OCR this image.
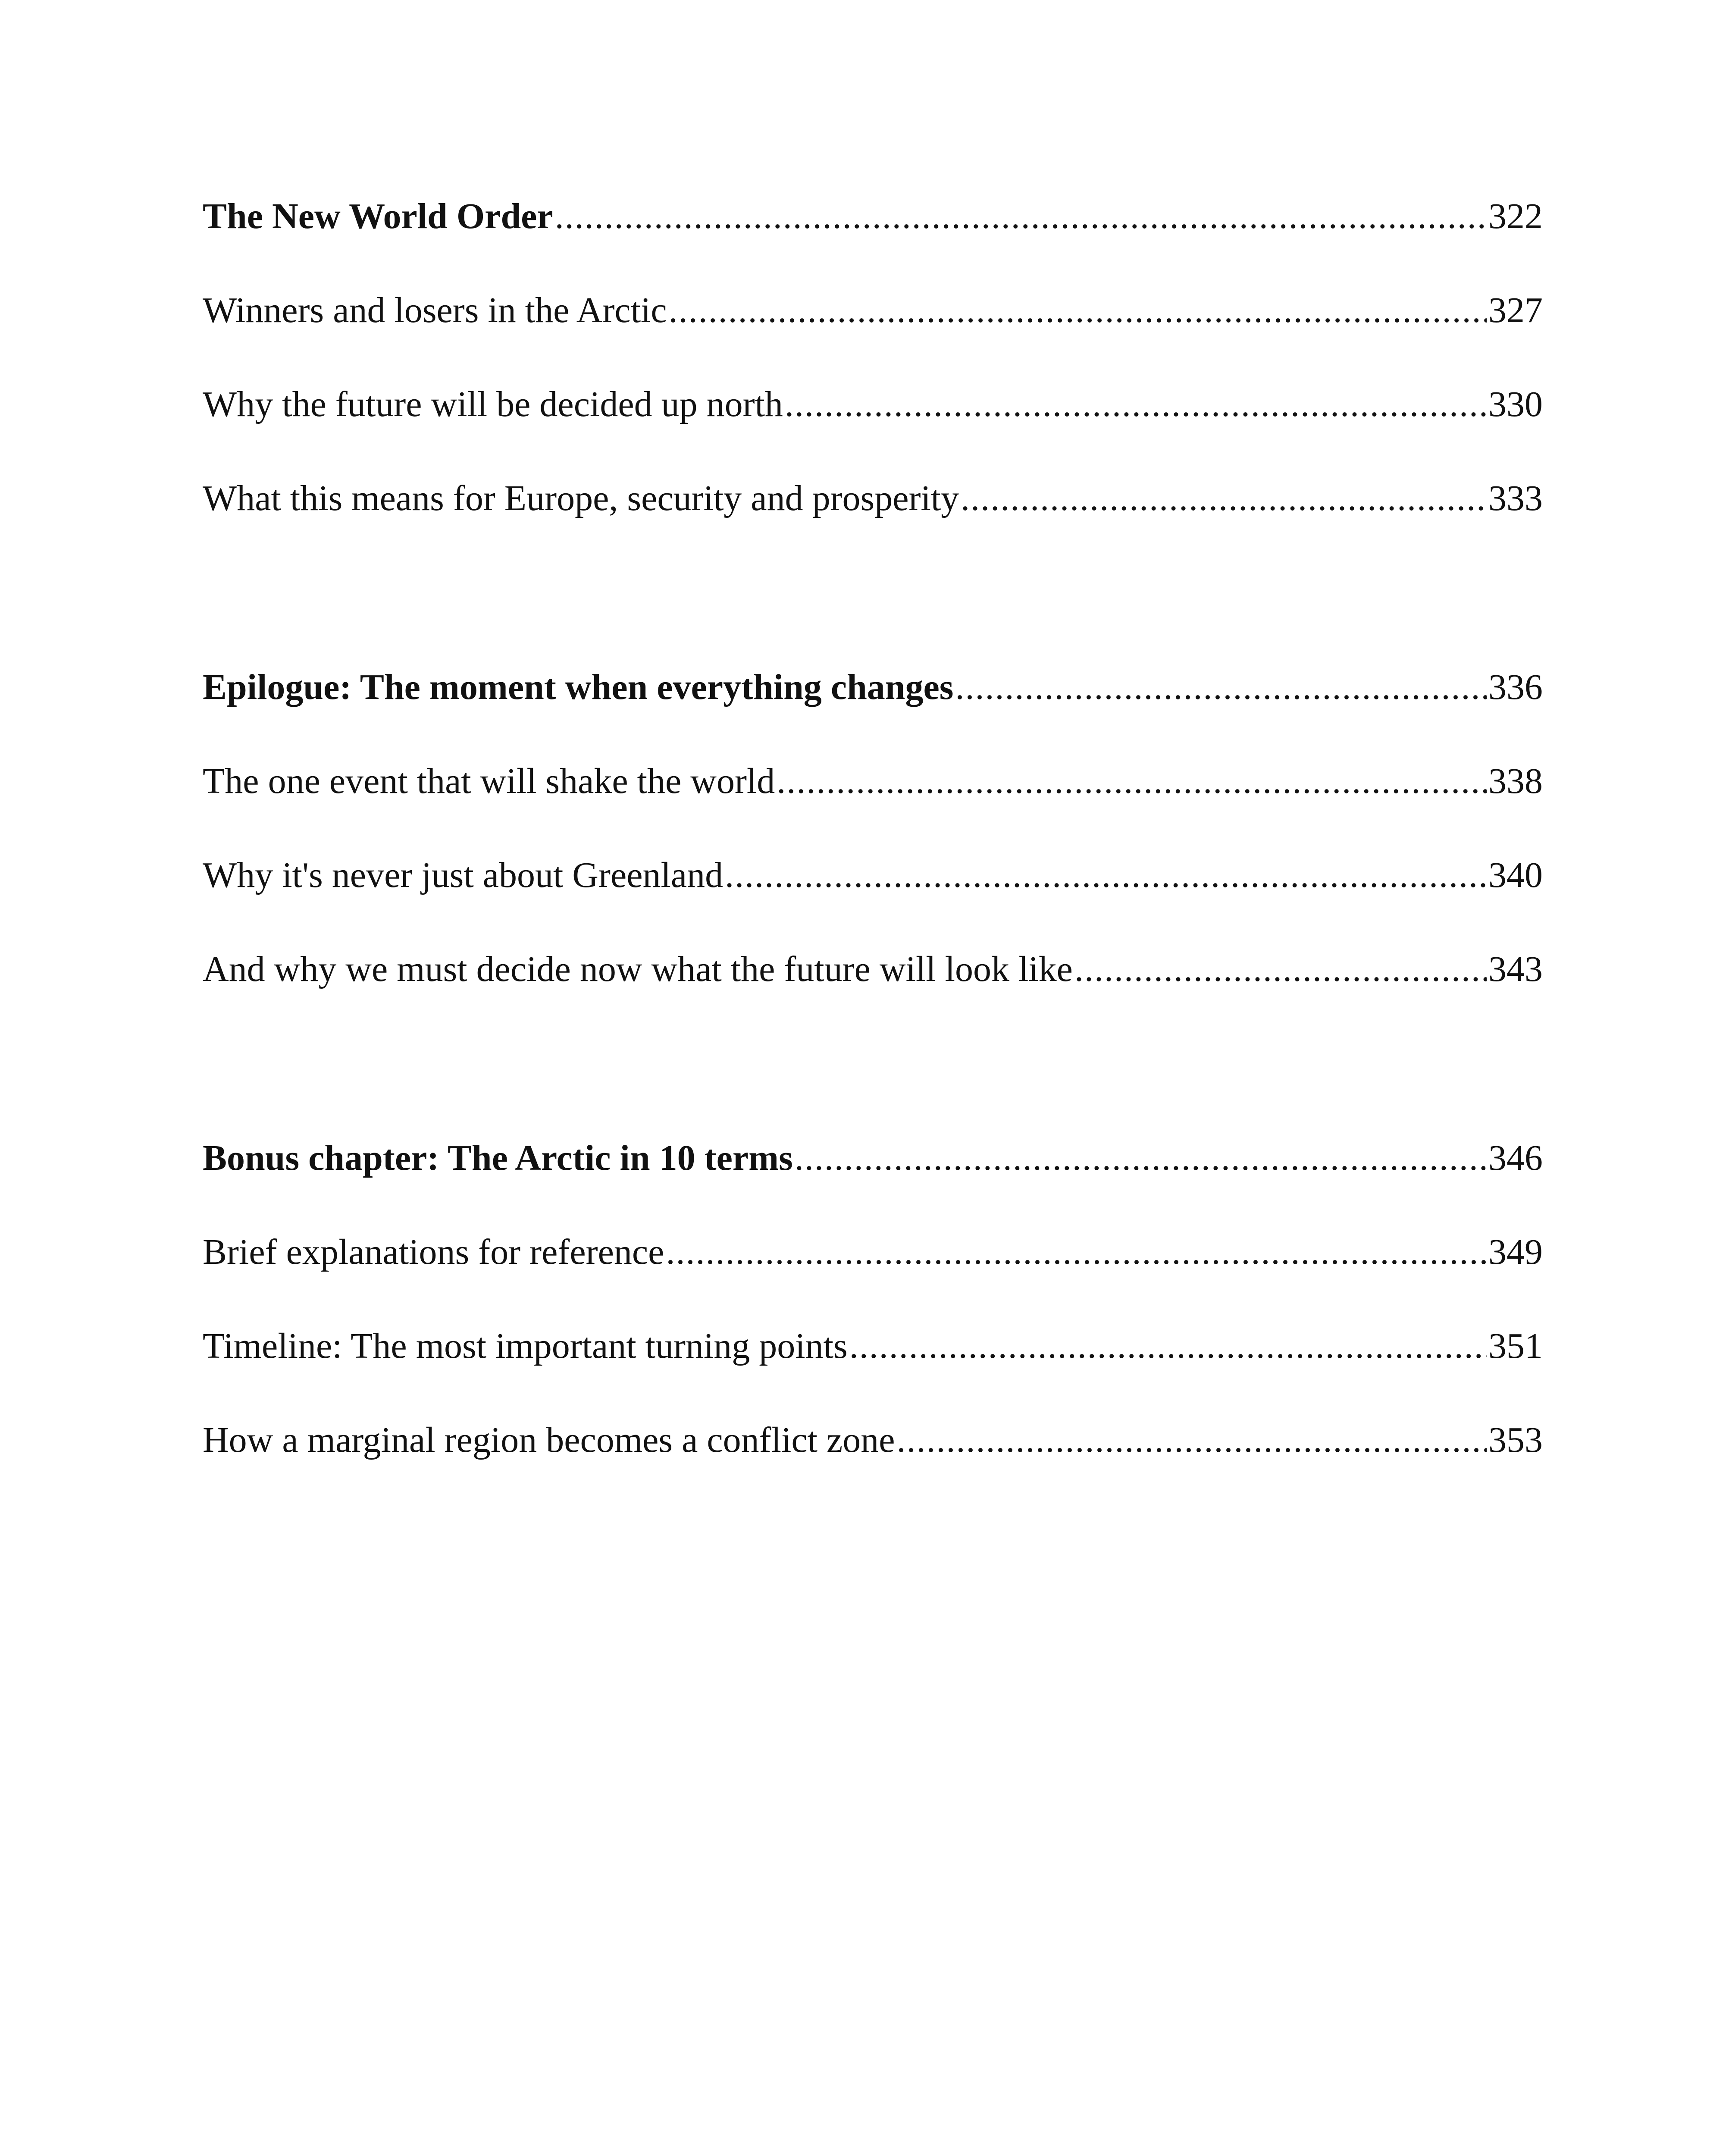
The New World Order .....	322
Winners and losers in the Arctic .....	327
Why the future will be decided up north .....	330
What this means for Europe, security and prosperity .....	333
Epilogue: The moment when everything changes .....	336
The one event that will shake the world .....	338
Why it's never just about Greenland .....	340
And why we must decide now what the future will look like .....	343
Bonus chapter: The Arctic in 10 terms .....	346
Brief explanations for reference .....	349
Timeline: The most important turning points .....	351
How a marginal region becomes a conflict zone .....	353
